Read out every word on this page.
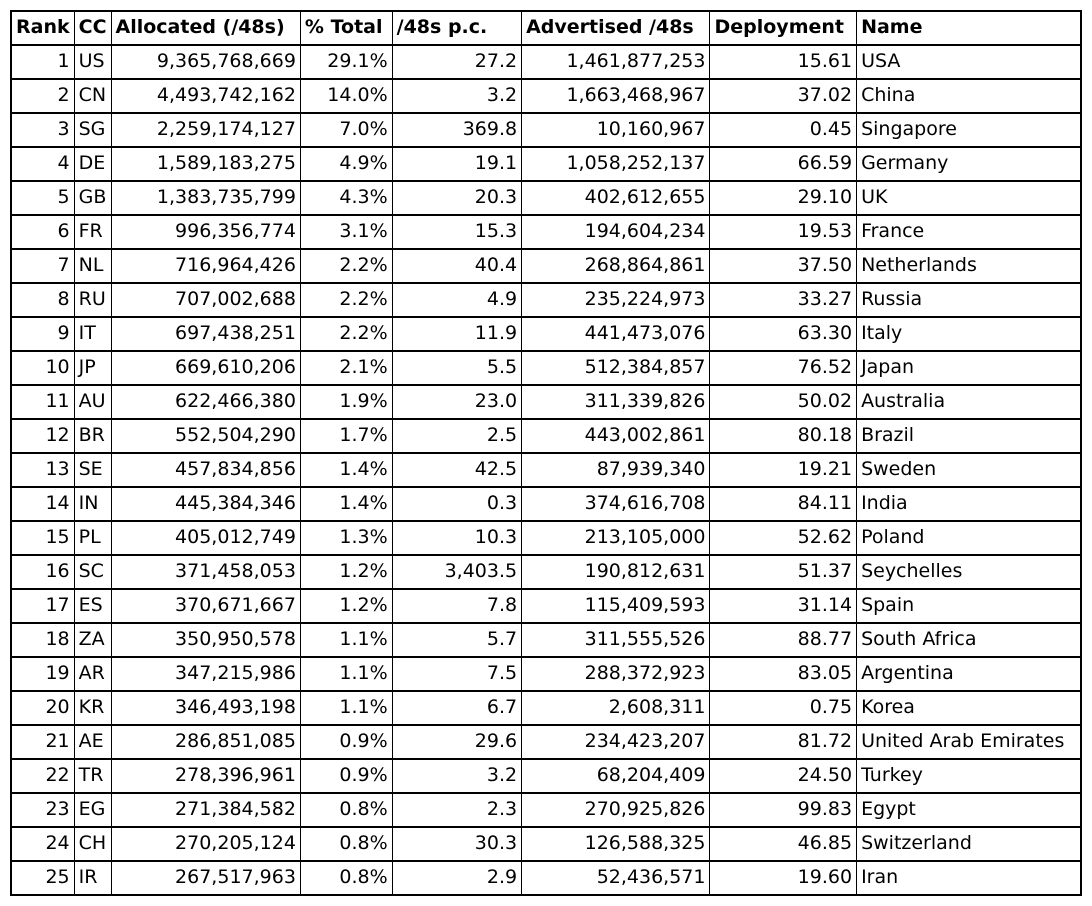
Rank	CC	Allocated (/48s)	% Total	/48s p.c.	Advertised /48s	Deployment	Name
1	US	9,365,768,669	29.1%	27.2	1,461,877,253	15.61	USA
2	CN	4,493,742,162	14.0%	3.2	1,663,468,967	37.02	China
3	SG	2,259,174,127	7.0%	369.8	10,160,967	0.45	Singapore
4	DE	1,589,183,275	4.9%	19.1	1,058,252,137	66.59	Germany
5	GB	1,383,735,799	4.3%	20.3	402,612,655	29.10	UK
6	FR	996,356,774	3.1%	15.3	194,604,234	19.53	France
7	NL	716,964,426	2.2%	40.4	268,864,861	37.50	Netherlands
8	RU	707,002,688	2.2%	4.9	235,224,973	33.27	Russia
9	IT	697,438,251	2.2%	11.9	441,473,076	63.30	Italy
10	JP	669,610,206	2.1%	5.5	512,384,857	76.52	Japan
11	AU	622,466,380	1.9%	23.0	311,339,826	50.02	Australia
12	BR	552,504,290	1.7%	2.5	443,002,861	80.18	Brazil
13	SE	457,834,856	1.4%	42.5	87,939,340	19.21	Sweden
14	IN	445,384,346	1.4%	0.3	374,616,708	84.11	India
15	PL	405,012,749	1.3%	10.3	213,105,000	52.62	Poland
16	SC	371,458,053	1.2%	3,403.5	190,812,631	51.37	Seychelles
17	ES	370,671,667	1.2%	7.8	115,409,593	31.14	Spain
18	ZA	350,950,578	1.1%	5.7	311,555,526	88.77	South Africa
19	AR	347,215,986	1.1%	7.5	288,372,923	83.05	Argentina
20	KR	346,493,198	1.1%	6.7	2,608,311	0.75	Korea
21	AE	286,851,085	0.9%	29.6	234,423,207	81.72	United Arab Emirates
22	TR	278,396,961	0.9%	3.2	68,204,409	24.50	Turkey
23	EG	271,384,582	0.8%	2.3	270,925,826	99.83	Egypt
24	CH	270,205,124	0.8%	30.3	126,588,325	46.85	Switzerland
25	IR	267,517,963	0.8%	2.9	52,436,571	19.60	Iran
